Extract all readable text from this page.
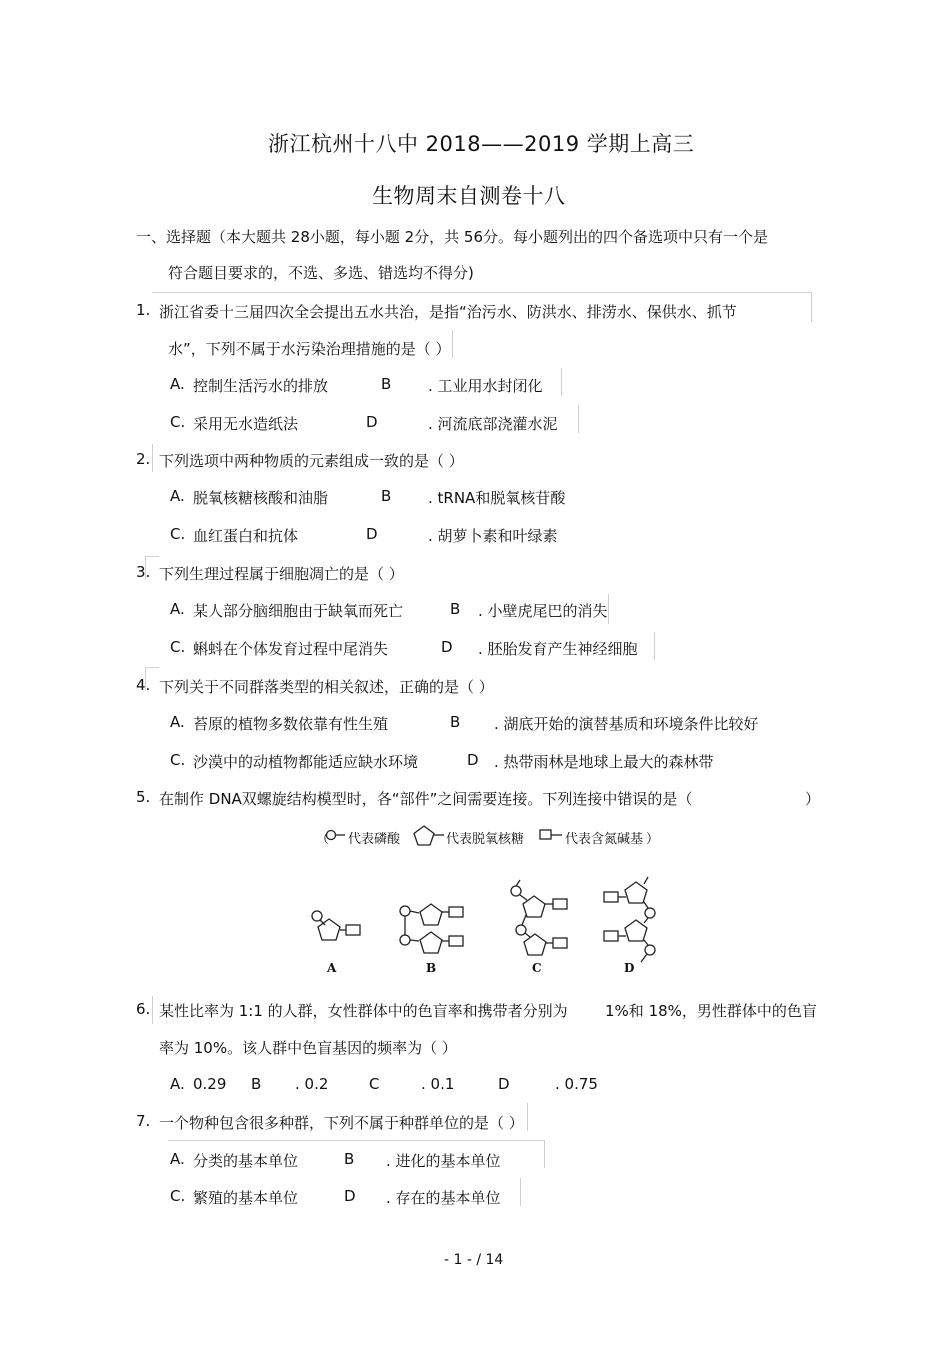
浙江杭州十八中 2018——2019 学期上高三
生物周末自测卷十八
一、选择题（本大题共 28小题，每小题 2分，共 56分。每小题列出的四个备选项中只有一个是
符合题目要求的，不选、多选、错选均不得分)
1. 浙江省委十三届四次全会提出五水共治，是指“治污水、防洪水、排涝水、保供水、抓节
水”，下列不属于水污染治理措施的是（ ）
A. 控制生活污水的排放	B . 工业用水封闭化
C. 采用无水造纸法	D	. 河流底部浇灌水泥
2. 下列选项中两种物质的元素组成一致的是（ ）
A. 脱氧核糖核酸和油脂	B . tRNA和脱氧核苷酸
C. 血红蛋白和抗体	D	. 胡萝卜素和叶绿素
3. 下列生理过程属于细胞凋亡的是（ ）
A. 某人部分脑细胞由于缺氧而死亡	B . 小壁虎尾巴的消失
C. 蝌蚪在个体发育过程中尾消失	D . 胚胎发育产生神经细胞
4. 下列关于不同群落类型的相关叙述，正确的是（ ）
A. 苔原的植物多数依靠有性生殖	B . 湖底开始的演替基质和环境条件比较好
C. 沙漠中的动植物都能适应缺水环境	D . 热带雨林是地球上最大的森林带
5. 在制作 DNA双螺旋结构模型时，各“部件”之间需要连接。下列连接中错误的是（	）
（ 代表磷酸	代表脱氧核糖	代表含氮碱基 ）
A	B	C	D
6. 某性比率为 1:1 的人群，女性群体中的色盲率和携带者分别为 1%和 18%，男性群体中的色盲
率为 10%。该人群中色盲基因的频率为（ ）
A. 0.29 B . 0.2	C	. 0.1	D	. 0.75
7. 一个物种包含很多种群，下列不属于种群单位的是（ ）
A. 分类的基本单位	B . 进化的基本单位
C. 繁殖的基本单位	D . 存在的基本单位
- 1 - / 14
